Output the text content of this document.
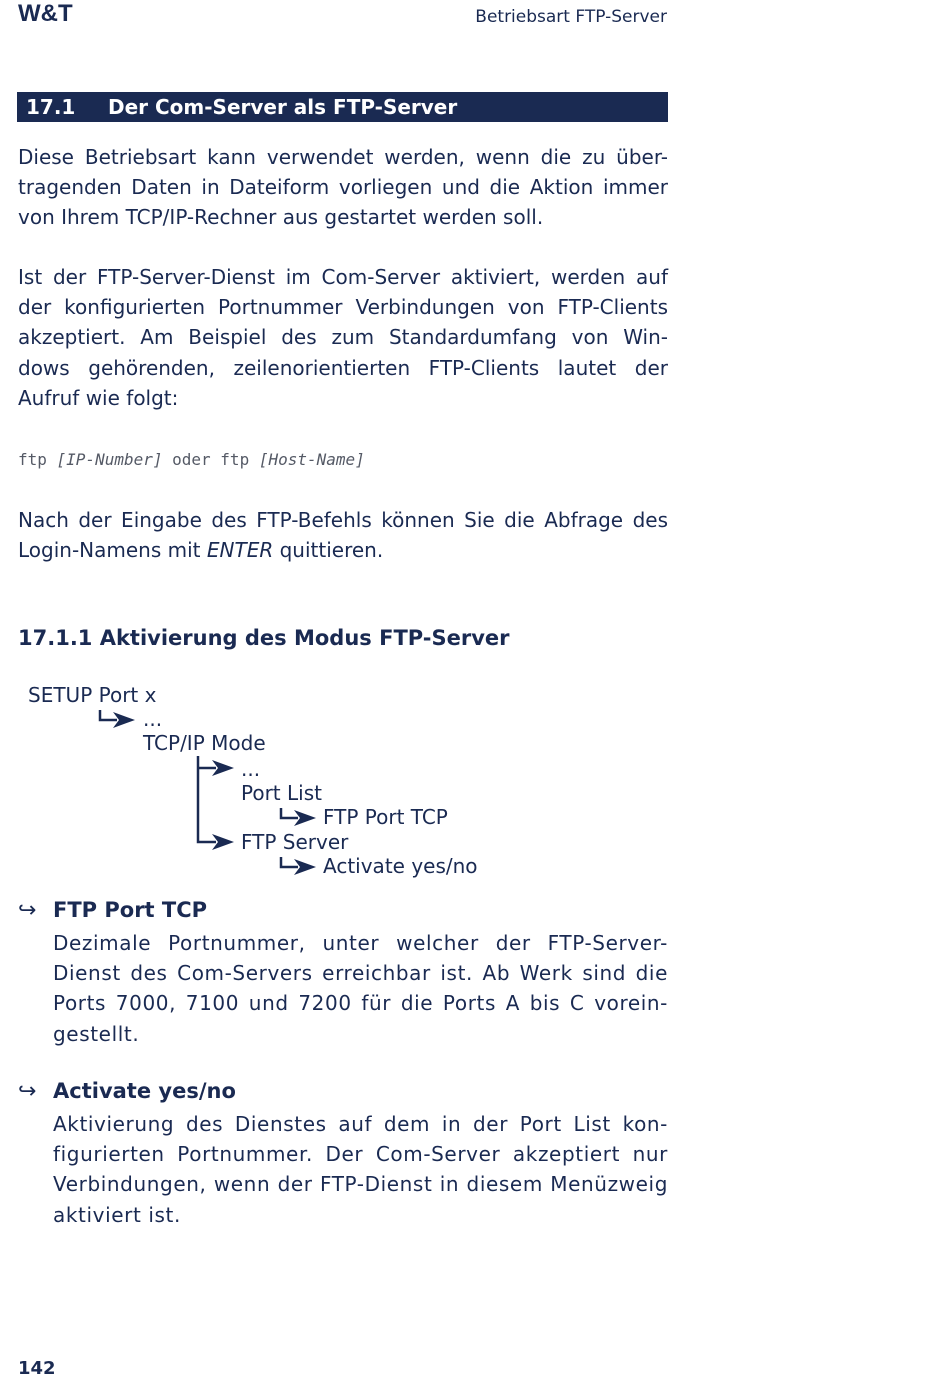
W&T	Betriebsart FTP-Server
17.1 Der Com-Server als FTP-Server
Diese Betriebsart kann verwendet werden, wenn die zu über-
tragenden Daten in Dateiform vorliegen und die Aktion immer
von Ihrem TCP/IP-Rechner aus gestartet werden soll.
Ist der FTP-Server-Dienst im Com-Server aktiviert, werden auf
der konfigurierten Portnummer Verbindungen von FTP-Clients
akzeptiert. Am Beispiel des zum Standardumfang von Win-
dows gehörenden, zeilenorientierten FTP-Clients lautet der
Aufruf wie folgt:
ftp [IP-Number] oder ftp [Host-Name]
Nach der Eingabe des FTP-Befehls können Sie die Abfrage des
Login-Namens mit ENTER quittieren.
17.1.1 Aktivierung des Modus FTP-Server
SETUP Port x
...
TCP/IP Mode
...
Port List
FTP Port TCP
FTP Server
Activate yes/no
↪ FTP Port TCP
Dezimale Portnummer, unter welcher der FTP-Server-
Dienst des Com-Servers erreichbar ist. Ab Werk sind die
Ports 7000, 7100 und 7200 für die Ports A bis C vorein-
gestellt.
↪ Activate yes/no
Aktivierung des Dienstes auf dem in der Port List kon-
figurierten Portnummer. Der Com-Server akzeptiert nur
Verbindungen, wenn der FTP-Dienst in diesem Menüzweig
aktiviert ist.
142
